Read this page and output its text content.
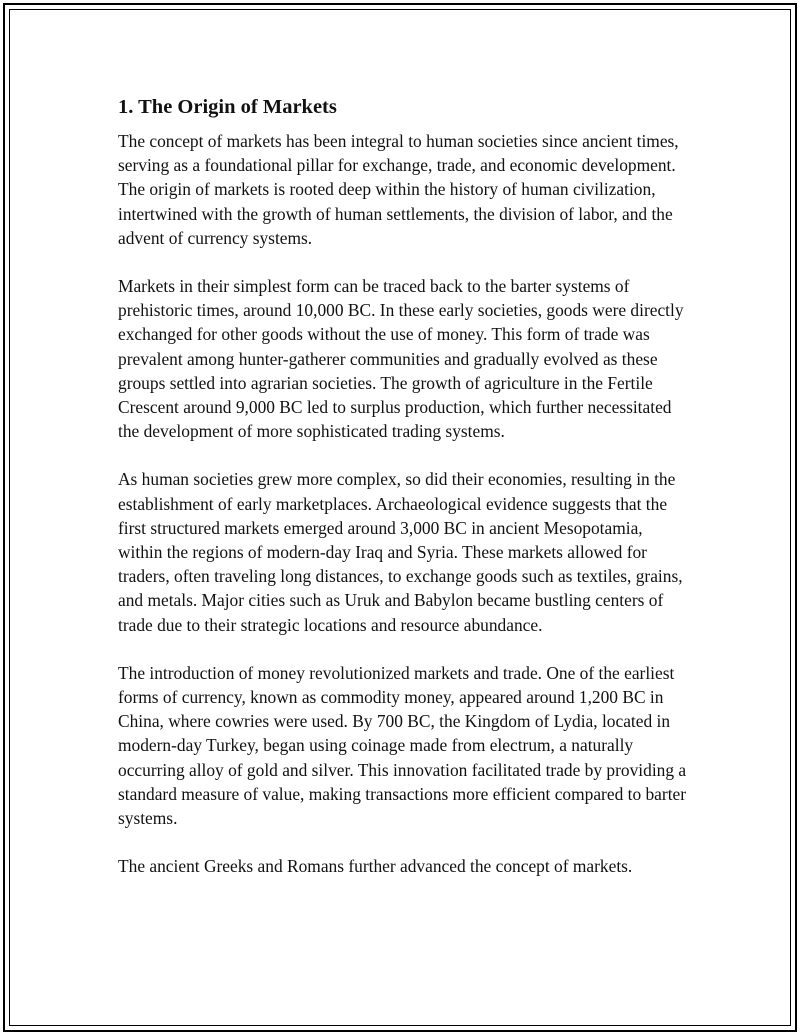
1. The Origin of Markets

The concept of markets has been integral to human societies since ancient times, serving as a foundational pillar for exchange, trade, and economic development. The origin of markets is rooted deep within the history of human civilization, intertwined with the growth of human settlements, the division of labor, and the advent of currency systems.

Markets in their simplest form can be traced back to the barter systems of prehistoric times, around 10,000 BC. In these early societies, goods were directly exchanged for other goods without the use of money. This form of trade was prevalent among hunter-gatherer communities and gradually evolved as these groups settled into agrarian societies. The growth of agriculture in the Fertile Crescent around 9,000 BC led to surplus production, which further necessitated the development of more sophisticated trading systems.

As human societies grew more complex, so did their economies, resulting in the establishment of early marketplaces. Archaeological evidence suggests that the first structured markets emerged around 3,000 BC in ancient Mesopotamia, within the regions of modern-day Iraq and Syria. These markets allowed for traders, often traveling long distances, to exchange goods such as textiles, grains, and metals. Major cities such as Uruk and Babylon became bustling centers of trade due to their strategic locations and resource abundance.

The introduction of money revolutionized markets and trade. One of the earliest forms of currency, known as commodity money, appeared around 1,200 BC in China, where cowries were used. By 700 BC, the Kingdom of Lydia, located in modern-day Turkey, began using coinage made from electrum, a naturally occurring alloy of gold and silver. This innovation facilitated trade by providing a standard measure of value, making transactions more efficient compared to barter systems.

The ancient Greeks and Romans further advanced the concept of markets.
